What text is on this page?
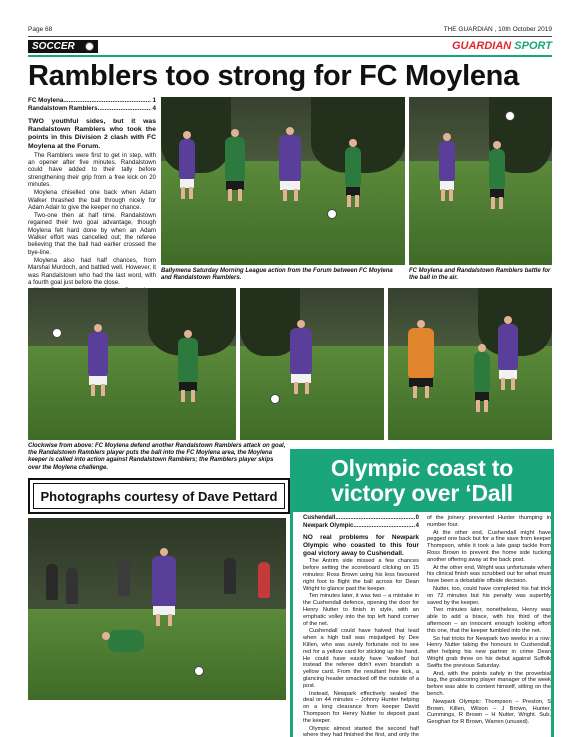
Page 68	THE GUARDIAN , 10th October 2019
SOCCER	GUARDIAN SPORT
Ramblers too strong for FC Moylena
FC Moylena .....	1
Randalstown Ramblers .....	4

TWO youthful sides, but it was Randalstown Ramblers who took the points in this Division 2 clash with FC Moylena at the Forum.

The Ramblers were first to get in step, with an opener after five minutes. Randalstown could have added to their tally before strengthening their grip from a free kick on 20 minutes.

Moylena chiselled one back when Adam Walker thrashed the ball through nicely for Adam Adair to give the keeper no chance.

Two-one then at half time. Randalstown regained their two goal advantage, though Moylena felt hard done by when an Adam Walker effort was cancelled out; the referee believing that the ball had earlier crossed the bye-line.

Moylena also had half chances, from Marshal Murdoch, and battled well. However, it was Randalstown who had the last word, with a fourth goal just before the close.

Ballymena Saturday Morning League action from the Forum between FC Moylena and Randalstown Ramblers.
FC Moylena and Randalstown Ramblers battle for the ball in the air.
Clockwise from above: FC Moylena defend another Randalstown Ramblers attack on goal, the Randalstown Ramblers player puts the ball into the FC Moylena area, the Moylena keeper is called into action against Randalstown Ramblers; the Ramblers player skips over the Moylena challenge.
Photographs courtesy of Dave Pettard
Olympic coast to victory over ‘Dall
Cushendall .....	0
Newpark Olympic .....	4

NO real problems for Newpark Olympic who coasted to this four goal victory away to Cushendall.

The Antrim side missed a few chances before setting the scoreboard clicking on 15 minutes: Ross Brown using his less favoured right foot to flight the ball across for Dean Wright to glance past the keeper.

Ten minutes later, it was two – a mistake in the Cushendall defence, opening the door for Henry Nutter to finish in style, with an emphatic volley into the top left hand corner of the net.

Cushendall could have halved that lead when a high ball was misjudged by Dee Killen, who was surely fortunate not to see red for a yellow card for sticking up his hand. He could have easily have 'walked' but instead the referee didn't even brandish a yellow card. From the resultant free kick, a glancing header smacked off the outside of a post.

Instead, Newpark effectively sealed the deal on 44 minutes – Johnny Hunter helping on a long clearance from keeper David Thompson for Henry Nutter to deposit past the keeper.

Olympic almost started the second half where they had finished the first, and only the

of the joinery prevented Hunter thumping in number four.

At the other end, Cushendall might have pegged one back but for a fine save from keeper Thompson, while it took a late gasp tackle from Ross Brown to prevent the home side tucking another offering away at the back post.

At the other end, Wright was unfortunate when his clinical finish was scrubbed out for what must have been a debatable offside decision.

Nutter, too, could have completed his hat trick on 72 minutes but his penalty was superbly saved by the keeper.

Two minutes later, nonetheless, Henry was able to add a brace, with his third of the afternoon – an innocent enough looking effort this one, that the keeper fumbled into the net.

So hat tricks for Newpark two weeks in a row; Henry Nutter taking the honours in Cushendall, after helping his new partner in crime Dean Wright grab three on his debut against Suffolk Swifts the previous Saturday.

And, with the points safely in the proverbial bag, the goalscoring player manager of the week before was able to content himself, sitting on the bench.

Newpark Olympic: Thompson – Preston, S Brown, Killen, Wilson – J Brown, Hunter, Cummings, R Brown – H Nutter, Wright. Sub, Geoghan for R Brown, Warren (unused).
